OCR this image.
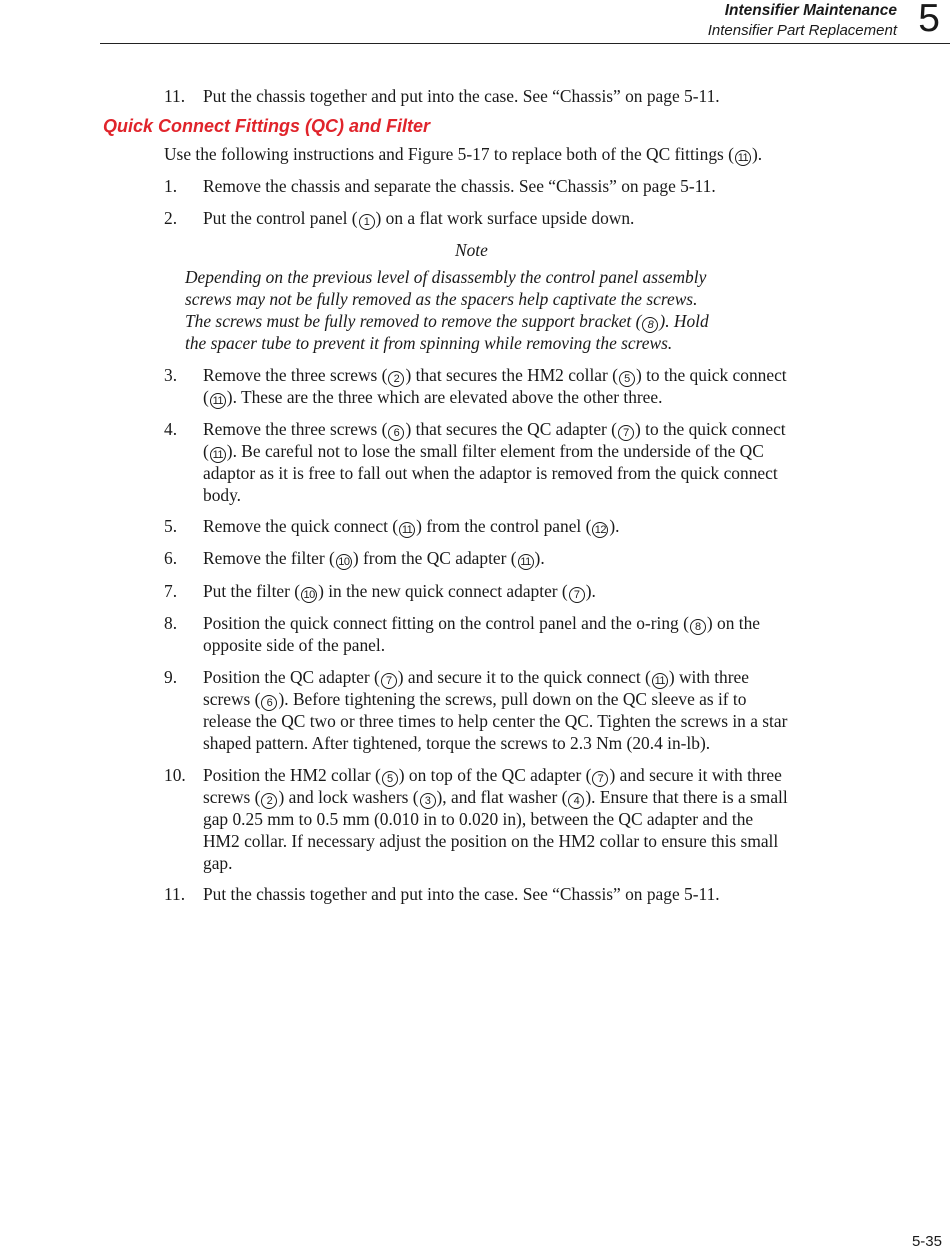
Intensifier Maintenance
Intensifier Part Replacement 5
11. Put the chassis together and put into the case. See “Chassis” on page 5-11.
Quick Connect Fittings (QC) and Filter
Use the following instructions and Figure 5-17 to replace both of the QC fittings ( 11 ).
1. Remove the chassis and separate the chassis. See “Chassis” on page 5-11.
2. Put the control panel ( 1 ) on a flat work surface upside down.
Note
Depending on the previous level of disassembly the control panel assembly
screws may not be fully removed as the spacers help captivate the screws.
The screws must be fully removed to remove the support bracket ( 8 ). Hold
the spacer tube to prevent it from spinning while removing the screws.
3. Remove the three screws ( 2 ) that secures the HM2 collar ( 5 ) to the quick connect
( 11 ). These are the three which are elevated above the other three.
4. Remove the three screws ( 6 ) that secures the QC adapter ( 7 ) to the quick connect
( 11 ). Be careful not to lose the small filter element from the underside of the QC
adaptor as it is free to fall out when the adaptor is removed from the quick connect
body.
5. Remove the quick connect ( 11 ) from the control panel ( 12 ).
6. Remove the filter ( 10 ) from the QC adapter ( 11 ).
7. Put the filter ( 10 ) in the new quick connect adapter ( 7 ).
8. Position the quick connect fitting on the control panel and the o-ring ( 8 ) on the
opposite side of the panel.
9. Position the QC adapter ( 7 ) and secure it to the quick connect ( 11 ) with three
screws ( 6 ). Before tightening the screws, pull down on the QC sleeve as if to
release the QC two or three times to help center the QC. Tighten the screws in a star
shaped pattern. After tightened, torque the screws to 2.3 Nm (20.4 in-lb).
10. Position the HM2 collar ( 5 ) on top of the QC adapter ( 7 ) and secure it with three
screws ( 2 ) and lock washers ( 3 ), and flat washer ( 4 ). Ensure that there is a small
gap 0.25 mm to 0.5 mm (0.010 in to 0.020 in), between the QC adapter and the
HM2 collar. If necessary adjust the position on the HM2 collar to ensure this small
gap.
11. Put the chassis together and put into the case. See “Chassis” on page 5-11.
5-35
